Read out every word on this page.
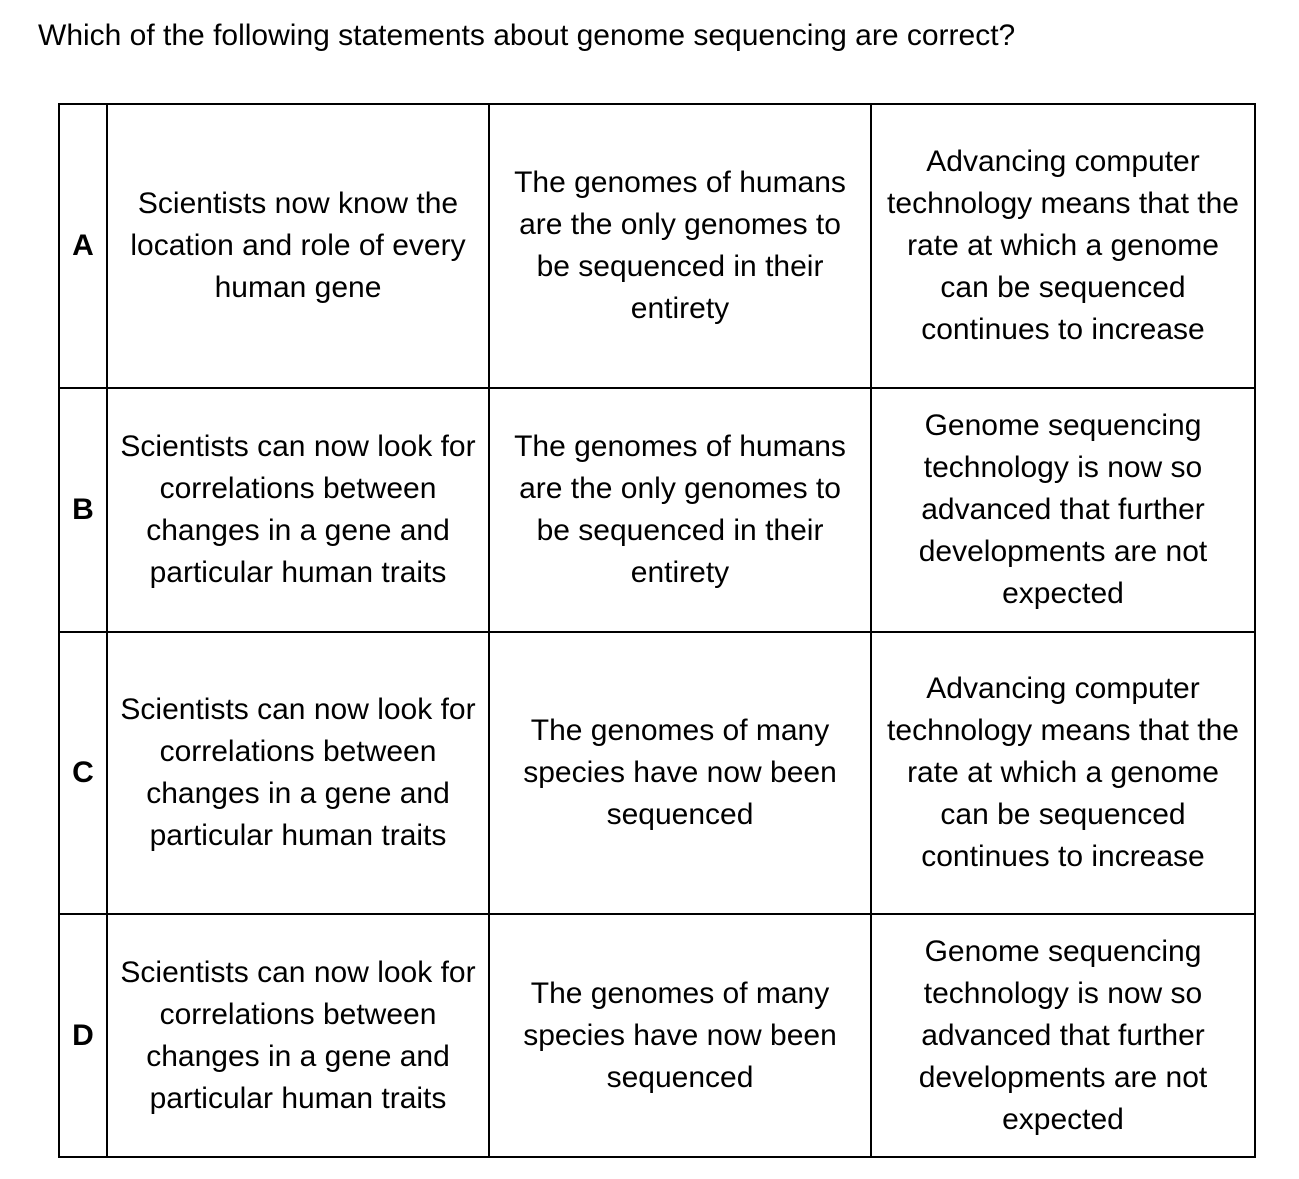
Which of the following statements about genome sequencing are correct?
A	Scientists now know the location and role of every human gene	The genomes of humans are the only genomes to be sequenced in their entirety	Advancing computer technology means that the rate at which a genome can be sequenced continues to increase
B	Scientists can now look for correlations between changes in a gene and particular human traits	The genomes of humans are the only genomes to be sequenced in their entirety	Genome sequencing technology is now so advanced that further developments are not expected
C	Scientists can now look for correlations between changes in a gene and particular human traits	The genomes of many species have now been sequenced	Advancing computer technology means that the rate at which a genome can be sequenced continues to increase
D	Scientists can now look for correlations between changes in a gene and particular human traits	The genomes of many species have now been sequenced	Genome sequencing technology is now so advanced that further developments are not expected
